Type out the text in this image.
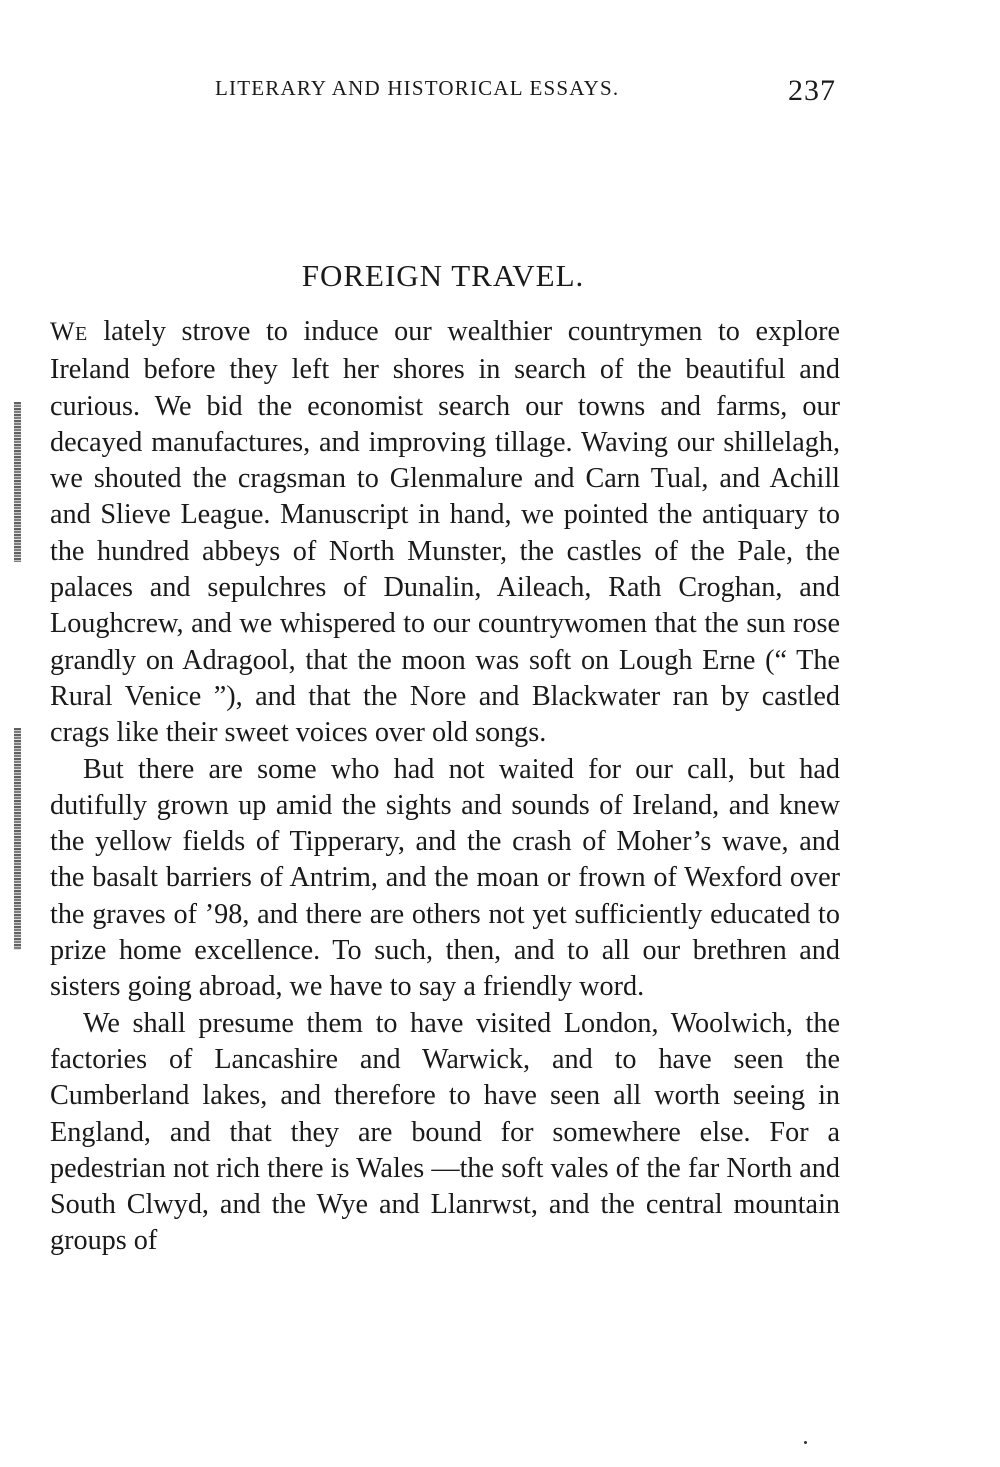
LITERARY AND HISTORICAL ESSAYS.	237
FOREIGN TRAVEL.

WE lately strove to induce our wealthier countrymen to explore Ireland before they left her shores in search of the beautiful and curious. We bid the economist search our towns and farms, our decayed manufactures, and improving tillage. Waving our shillelagh, we shouted the cragsman to Glenmalure and Carn Tual, and Achill and Slieve League. Manuscript in hand, we pointed the antiquary to the hundred abbeys of North Munster, the castles of the Pale, the palaces and sepulchres of Dunalin, Aileach, Rath Croghan, and Loughcrew, and we whispered to our countrywomen that the sun rose grandly on Adragool, that the moon was soft on Lough Erne (“ The Rural Venice ”), and that the Nore and Blackwater ran by castled crags like their sweet voices over old songs.

But there are some who had not waited for our call, but had dutifully grown up amid the sights and sounds of Ireland, and knew the yellow fields of Tipperary, and the crash of Moher’s wave, and the basalt barriers of Antrim, and the moan or frown of Wexford over the graves of ’98, and there are others not yet sufficiently educated to prize home excellence. To such, then, and to all our brethren and sisters going abroad, we have to say a friendly word.

We shall presume them to have visited London, Woolwich, the factories of Lancashire and Warwick, and to have seen the Cumberland lakes, and therefore to have seen all worth seeing in England, and that they are bound for somewhere else. For a pedestrian not rich there is Wales —the soft vales of the far North and South Clwyd, and the Wye and Llanrwst, and the central mountain groups of
